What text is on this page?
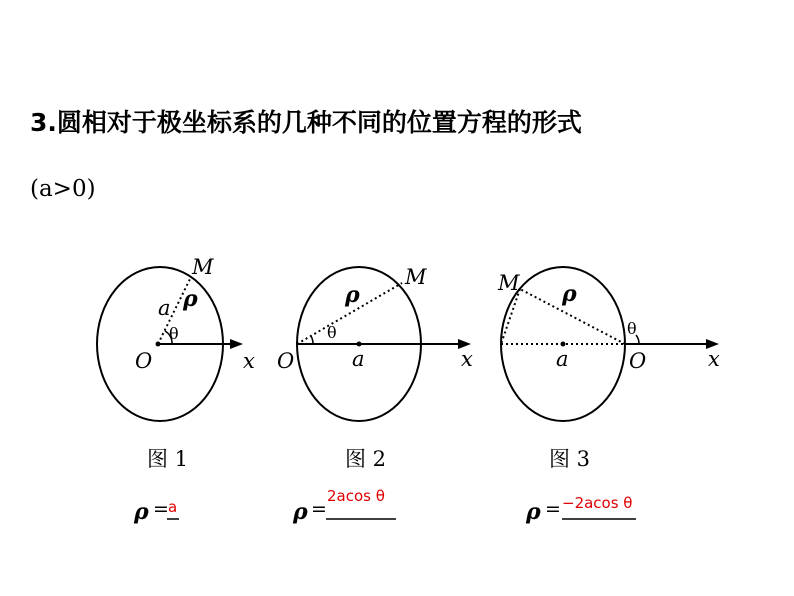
3.圆相对于极坐标系的几种不同的位置方程的形式
(a>0)
M
a ρ
θ
O	x
图 1
ρ = a
M
ρ
θ
O	a	x
图 2
ρ =
2acos θ
M ρ
θ
a	O	x
图 3
ρ = −2acos θ
